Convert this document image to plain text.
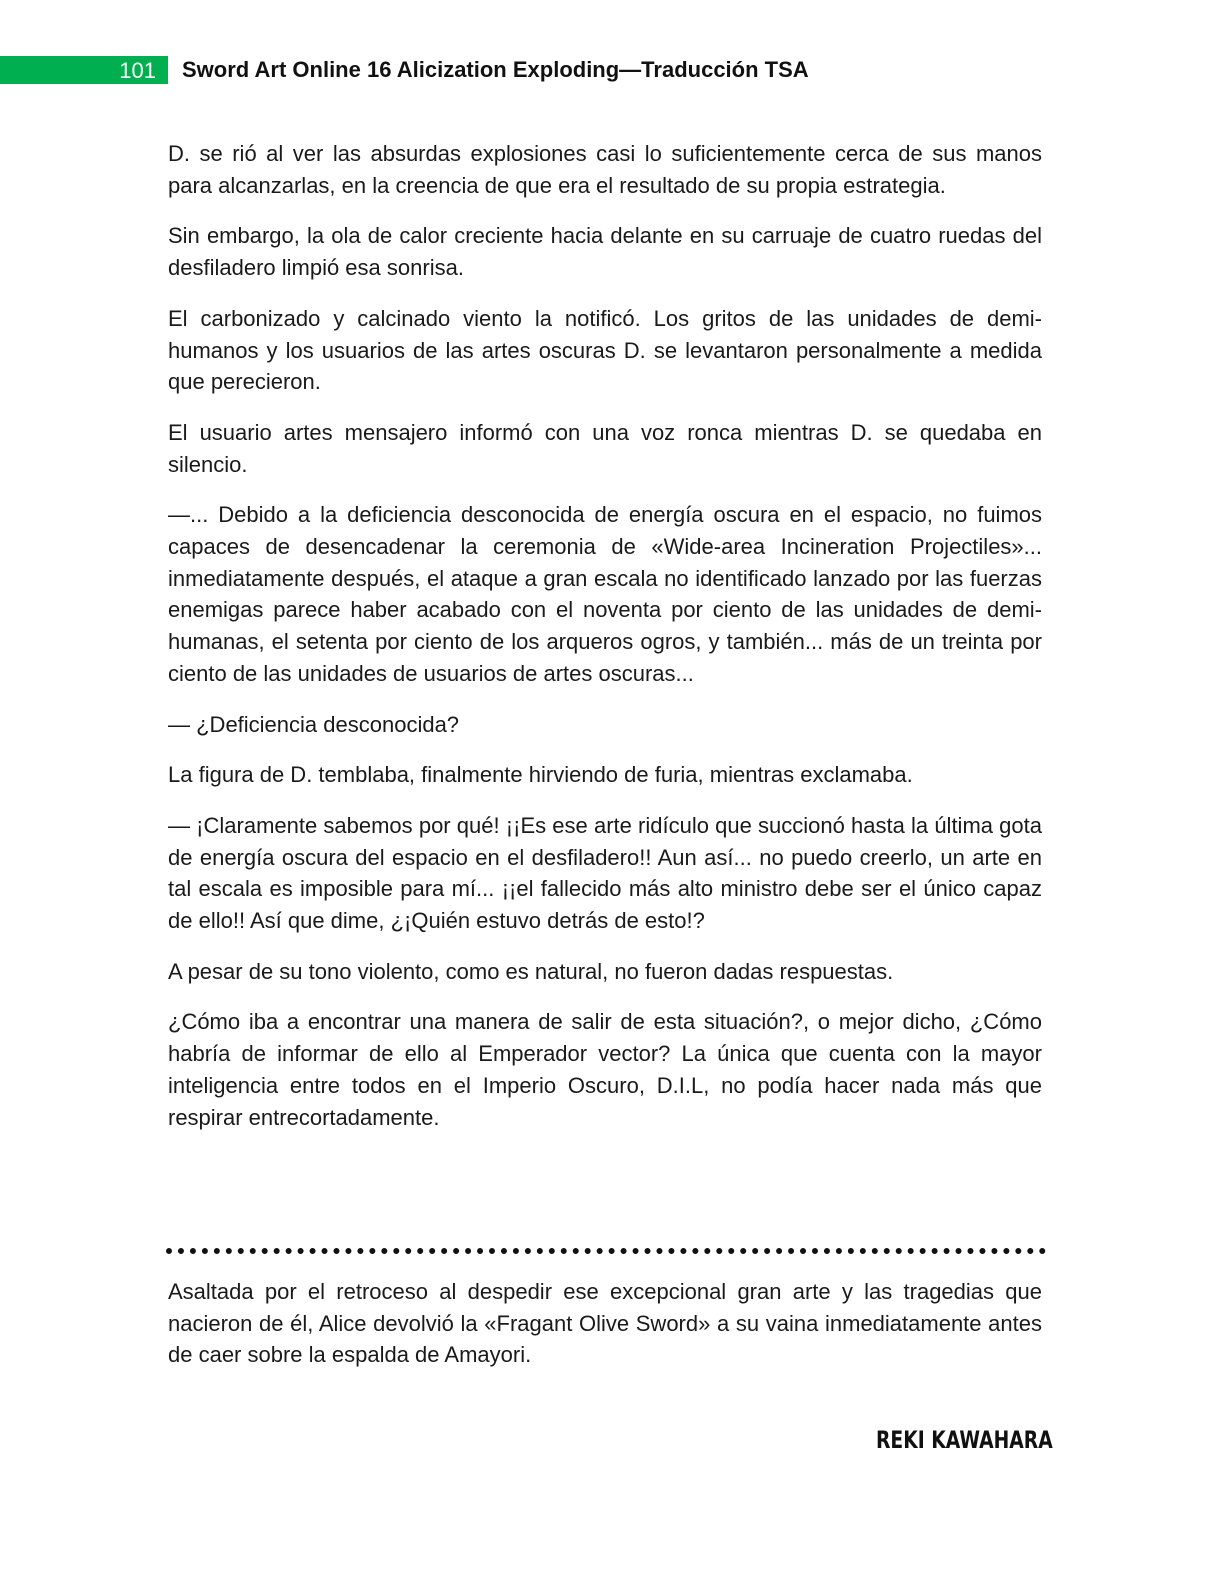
101 Sword Art Online 16 Alicization Exploding—Traducción TSA

D. se rió al ver las absurdas explosiones casi lo suficientemente cerca de sus manos para alcanzarlas, en la creencia de que era el resultado de su propia estrategia.

Sin embargo, la ola de calor creciente hacia delante en su carruaje de cuatro ruedas del desfiladero limpió esa sonrisa.

El carbonizado y calcinado viento la notificó. Los gritos de las unidades de demi-humanos y los usuarios de las artes oscuras D. se levantaron personalmente a medida que perecieron.

El usuario artes mensajero informó con una voz ronca mientras D. se quedaba en silencio.

—... Debido a la deficiencia desconocida de energía oscura en el espacio, no fuimos capaces de desencadenar la ceremonia de «Wide-area Incineration Projectiles»... inmediatamente después, el ataque a gran escala no identificado lanzado por las fuerzas enemigas parece haber acabado con el noventa por ciento de las unidades de demi-humanas, el setenta por ciento de los arqueros ogros, y también... más de un treinta por ciento de las unidades de usuarios de artes oscuras...

— ¿Deficiencia desconocida?

La figura de D. temblaba, finalmente hirviendo de furia, mientras exclamaba.

— ¡Claramente sabemos por qué! ¡¡Es ese arte ridículo que succionó hasta la última gota de energía oscura del espacio en el desfiladero!! Aun así... no puedo creerlo, un arte en tal escala es imposible para mí... ¡¡el fallecido más alto ministro debe ser el único capaz de ello!! Así que dime, ¿¡Quién estuvo detrás de esto!?

A pesar de su tono violento, como es natural, no fueron dadas respuestas.

¿Cómo iba a encontrar una manera de salir de esta situación?, o mejor dicho, ¿Cómo habría de informar de ello al Emperador vector? La única que cuenta con la mayor inteligencia entre todos en el Imperio Oscuro, D.I.L, no podía hacer nada más que respirar entrecortadamente.

Asaltada por el retroceso al despedir ese excepcional gran arte y las tragedias que nacieron de él, Alice devolvió la «Fragant Olive Sword» a su vaina inmediatamente antes de caer sobre la espalda de Amayori.

REKI KAWAHARA
